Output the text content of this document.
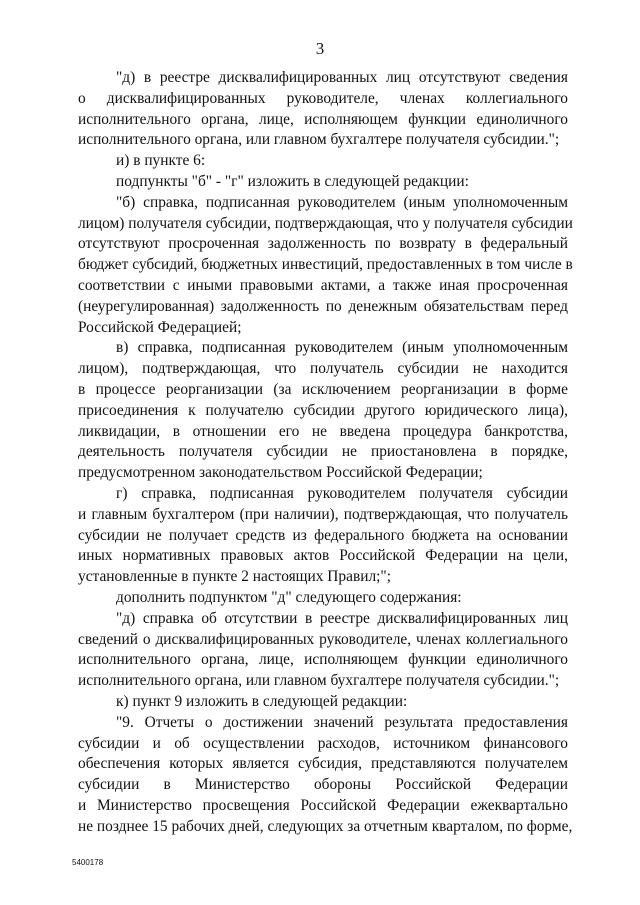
3
"д) в реестре дисквалифицированных лиц отсутствуют сведения
о дисквалифицированных руководителе, членах коллегиального
исполнительного органа, лице, исполняющем функции единоличного
исполнительного органа, или главном бухгалтере получателя субсидии.";
и) в пункте 6:
подпункты "б" - "г" изложить в следующей редакции:
"б) справка, подписанная руководителем (иным уполномоченным
лицом) получателя субсидии, подтверждающая, что у получателя субсидии
отсутствуют просроченная задолженность по возврату в федеральный
бюджет субсидий, бюджетных инвестиций, предоставленных в том числе в
соответствии с иными правовыми актами, а также иная просроченная
(неурегулированная) задолженность по денежным обязательствам перед
Российской Федерацией;
в) справка, подписанная руководителем (иным уполномоченным
лицом), подтверждающая, что получатель субсидии не находится
в процессе реорганизации (за исключением реорганизации в форме
присоединения к получателю субсидии другого юридического лица),
ликвидации, в отношении его не введена процедура банкротства,
деятельность получателя субсидии не приостановлена в порядке,
предусмотренном законодательством Российской Федерации;
г) справка, подписанная руководителем получателя субсидии
и главным бухгалтером (при наличии), подтверждающая, что получатель
субсидии не получает средств из федерального бюджета на основании
иных нормативных правовых актов Российской Федерации на цели,
установленные в пункте 2 настоящих Правил;";
дополнить подпунктом "д" следующего содержания:
"д) справка об отсутствии в реестре дисквалифицированных лиц
сведений о дисквалифицированных руководителе, членах коллегиального
исполнительного органа, лице, исполняющем функции единоличного
исполнительного органа, или главном бухгалтере получателя субсидии.";
к) пункт 9 изложить в следующей редакции:
"9. Отчеты о достижении значений результата предоставления
субсидии и об осуществлении расходов, источником финансового
обеспечения которых является субсидия, представляются получателем
субсидии в Министерство обороны Российской Федерации
и Министерство просвещения Российской Федерации ежеквартально
не позднее 15 рабочих дней, следующих за отчетным кварталом, по форме,
5400178
